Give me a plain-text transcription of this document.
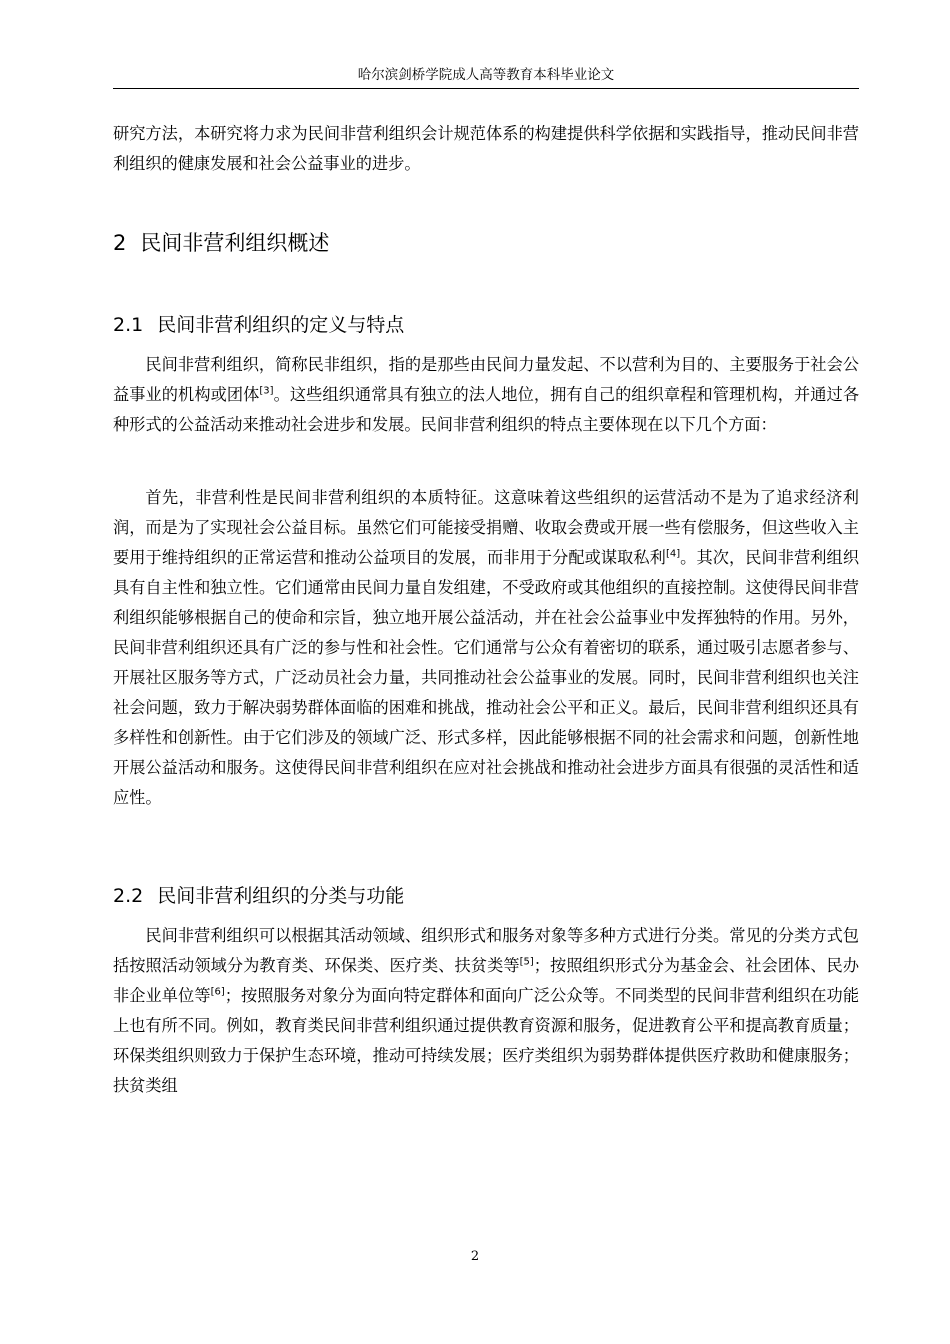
哈尔滨剑桥学院成人高等教育本科毕业论文

研究方法，本研究将力求为民间非营利组织会计规范体系的构建提供科学依据和实践指导，推动民间非营利组织的健康发展和社会公益事业的进步。

2 民间非营利组织概述
2.1 民间非营利组织的定义与特点

民间非营利组织，简称民非组织，指的是那些由民间力量发起、不以营利为目的、主要服务于社会公益事业的机构或团体[3]。这些组织通常具有独立的法人地位，拥有自己的组织章程和管理机构，并通过各种形式的公益活动来推动社会进步和发展。民间非营利组织的特点主要体现在以下几个方面：

首先，非营利性是民间非营利组织的本质特征。这意味着这些组织的运营活动不是为了追求经济利润，而是为了实现社会公益目标。虽然它们可能接受捐赠、收取会费或开展一些有偿服务，但这些收入主要用于维持组织的正常运营和推动公益项目的发展，而非用于分配或谋取私利[4]。其次，民间非营利组织具有自主性和独立性。它们通常由民间力量自发组建，不受政府或其他组织的直接控制。这使得民间非营利组织能够根据自己的使命和宗旨，独立地开展公益活动，并在社会公益事业中发挥独特的作用。另外，民间非营利组织还具有广泛的参与性和社会性。它们通常与公众有着密切的联系，通过吸引志愿者参与、开展社区服务等方式，广泛动员社会力量，共同推动社会公益事业的发展。同时，民间非营利组织也关注社会问题，致力于解决弱势群体面临的困难和挑战，推动社会公平和正义。最后，民间非营利组织还具有多样性和创新性。由于它们涉及的领域广泛、形式多样，因此能够根据不同的社会需求和问题，创新性地开展公益活动和服务。这使得民间非营利组织在应对社会挑战和推动社会进步方面具有很强的灵活性和适应性。

2.2 民间非营利组织的分类与功能

民间非营利组织可以根据其活动领域、组织形式和服务对象等多种方式进行分类。常见的分类方式包括按照活动领域分为教育类、环保类、医疗类、扶贫类等[5]；按照组织形式分为基金会、社会团体、民办非企业单位等[6]；按照服务对象分为面向特定群体和面向广泛公众等。不同类型的民间非营利组织在功能上也有所不同。例如，教育类民间非营利组织通过提供教育资源和服务，促进教育公平和提高教育质量；环保类组织则致力于保护生态环境，推动可持续发展；医疗类组织为弱势群体提供医疗救助和健康服务；扶贫类组

2
